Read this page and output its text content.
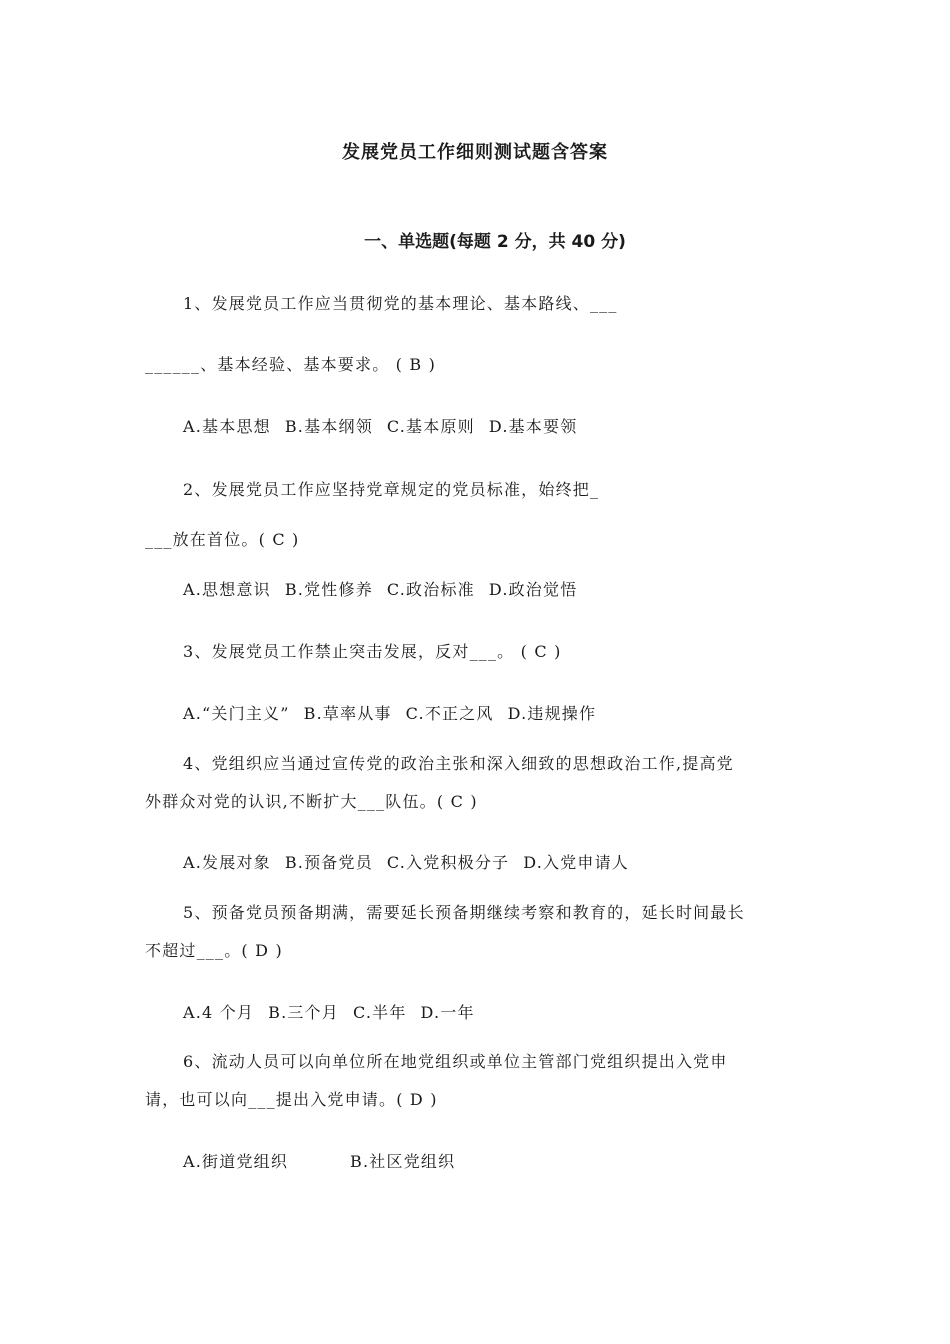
发展党员工作细则测试题含答案
一、单选题(每题 2 分，共 40 分)
1、发展党员工作应当贯彻党的基本理论、基本路线、___
______、基本经验、基本要求。 ( B )
A.基本思想 B.基本纲领 C.基本原则 D.基本要领
2、发展党员工作应坚持党章规定的党员标准，始终把_
___放在首位。( C )
A.思想意识 B.党性修养 C.政治标准 D.政治觉悟
3、发展党员工作禁止突击发展，反对___。 ( C )
A.“关门主义” B.草率从事 C.不正之风 D.违规操作
4、党组织应当通过宣传党的政治主张和深入细致的思想政治工作,提高党
外群众对党的认识,不断扩大___队伍。( C )
A.发展对象 B.预备党员 C.入党积极分子 D.入党申请人
5、预备党员预备期满，需要延长预备期继续考察和教育的，延长时间最长
不超过___。( D )
A.4 个月 B.三个月 C.半年 D.一年
6、流动人员可以向单位所在地党组织或单位主管部门党组织提出入党申
请，也可以向___提出入党申请。( D )
A.街道党组织	B.社区党组织
